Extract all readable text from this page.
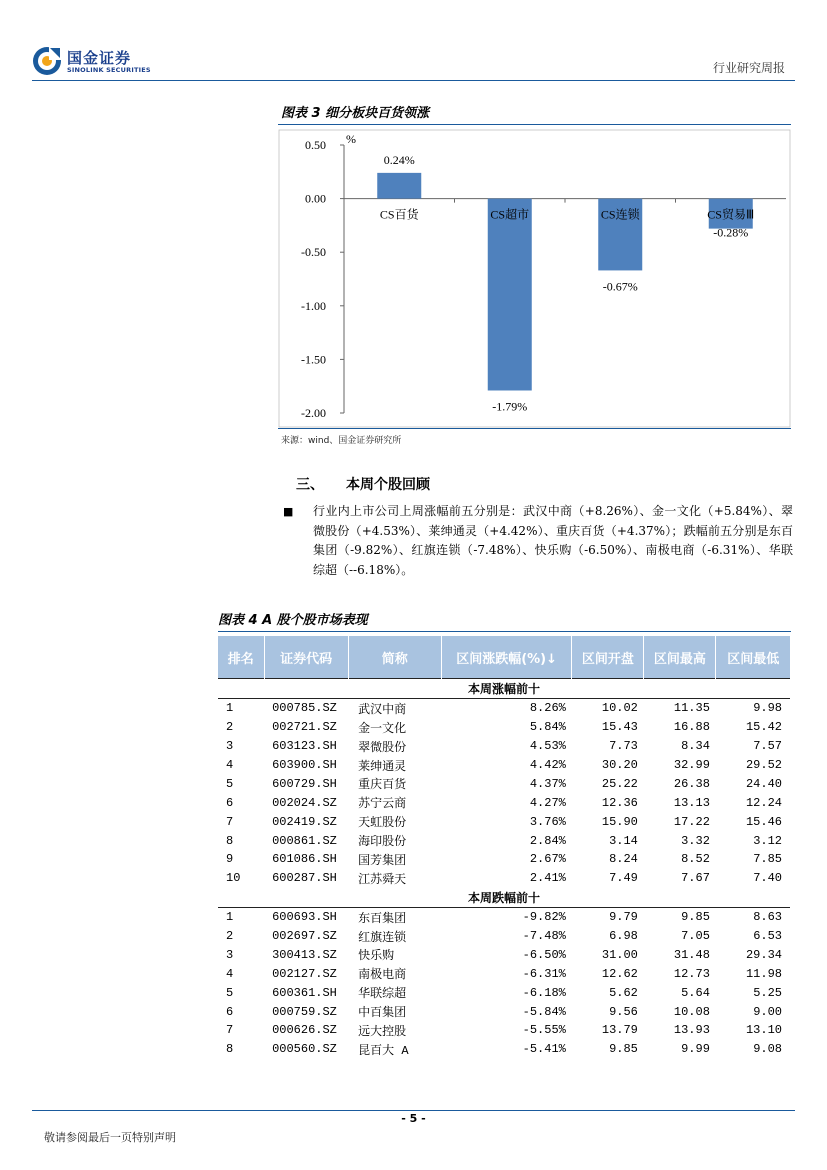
国金证券
SINOLINK SECURITIES	行业研究周报
图表 3 细分板块百货领涨
0.50
0.00
-0.50
-1.00
-1.50
-2.00
%
CS百货
0.24%
CS超市
-1.79%
CS连锁
-0.67%
CS贸易Ⅲ
-0.28%
来源：wind、国金证券研究所
三、 本周个股回顾
■ 行业内上市公司上周涨幅前五分别是：武汉中商（+8.26%）、金一文化（+5.84%）、翠微股份（+4.53%）、莱绅通灵（+4.42%）、重庆百货（+4.37%）；跌幅前五分别是东百集团（-9.82%）、红旗连锁（-7.48%）、快乐购（-6.50%）、南极电商（-6.31%）、华联综超（--6.18%）。
图表 4 A 股个股市场表现
排名	证券代码	简称	区间涨跌幅(%)↓	区间开盘	区间最高	区间最低
本周涨幅前十						
1	000785.SZ	武汉中商	8.26%	10.02	11.35	9.98
2	002721.SZ	金一文化	5.84%	15.43	16.88	15.42
3	603123.SH	翠微股份	4.53%	7.73	8.34	7.57
4	603900.SH	莱绅通灵	4.42%	30.20	32.99	29.52
5	600729.SH	重庆百货	4.37%	25.22	26.38	24.40
6	002024.SZ	苏宁云商	4.27%	12.36	13.13	12.24
7	002419.SZ	天虹股份	3.76%	15.90	17.22	15.46
8	000861.SZ	海印股份	2.84%	3.14	3.32	3.12
9	601086.SH	国芳集团	2.67%	8.24	8.52	7.85
10	600287.SH	江苏舜天	2.41%	7.49	7.67	7.40
本周跌幅前十						
1	600693.SH	东百集团	-9.82%	9.79	9.85	8.63
2	002697.SZ	红旗连锁	-7.48%	6.98	7.05	6.53
3	300413.SZ	快乐购	-6.50%	31.00	31.48	29.34
4	002127.SZ	南极电商	-6.31%	12.62	12.73	11.98
5	600361.SH	华联综超	-6.18%	5.62	5.64	5.25
6	000759.SZ	中百集团	-5.84%	9.56	10.08	9.00
7	000626.SZ	远大控股	-5.55%	13.79	13.93	13.10
8	000560.SZ	昆百大 A	-5.41%	9.85	9.99	9.08
- 5 -
敬请参阅最后一页特别声明
